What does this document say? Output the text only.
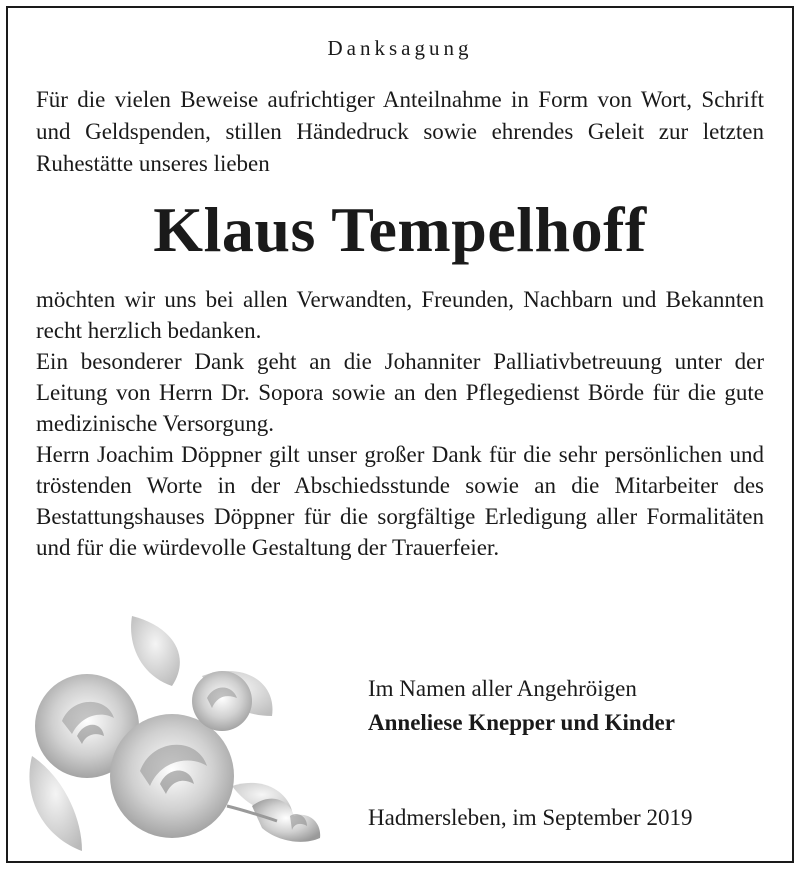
Danksagung
Für die vielen Beweise aufrichtiger Anteilnahme in Form von Wort, Schrift und Geldspenden, stillen Händedruck sowie ehrendes Geleit zur letzten Ruhestätte unseres lieben
Klaus Tempelhoff

möchten wir uns bei allen Verwandten, Freunden, Nachbarn und Bekannten recht herzlich bedanken.

Ein besonderer Dank geht an die Johanniter Palliativbetreuung unter der Leitung von Herrn Dr. Sopora sowie an den Pflegedienst Börde für die gute medizinische Versorgung.

Herrn Joachim Döppner gilt unser großer Dank für die sehr persönlichen und tröstenden Worte in der Abschiedsstunde sowie an die Mitarbeiter des Bestattungshauses Döppner für die sorgfältige Erledigung aller Formalitäten und für die würdevolle Gestaltung der Trauerfeier.

Im Namen aller Angehröigen
Anneliese Knepper und Kinder
Hadmersleben, im September 2019
